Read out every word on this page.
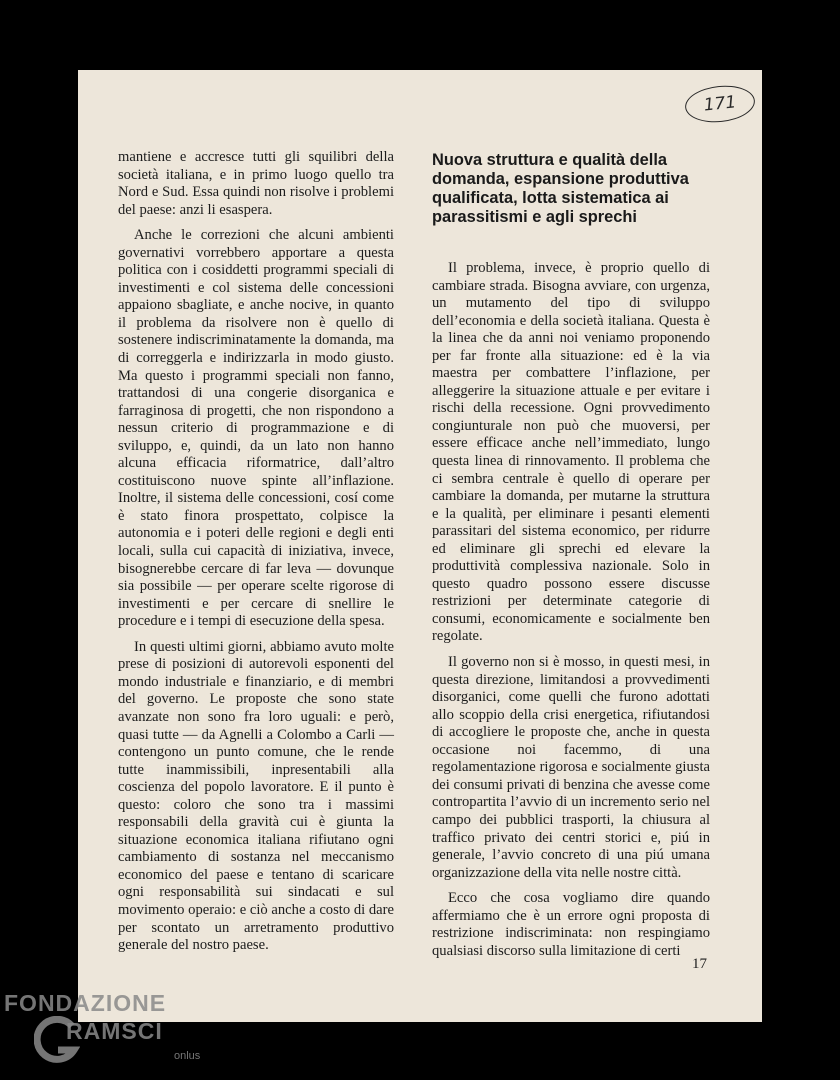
171

mantiene e accresce tutti gli squilibri della società italiana, e in primo luogo quello tra Nord e Sud. Essa quindi non risolve i problemi del paese: anzi li esaspera.

Anche le correzioni che alcuni ambienti governativi vorrebbero apportare a questa politica con i cosiddetti programmi speciali di investimenti e col sistema delle concessioni appaiono sbagliate, e anche nocive, in quanto il problema da risolvere non è quello di sostenere indiscriminatamente la domanda, ma di correggerla e indirizzarla in modo giusto. Ma questo i programmi speciali non fanno, trattandosi di una congerie disorganica e farraginosa di progetti, che non rispondono a nessun criterio di programmazione e di sviluppo, e, quindi, da un lato non hanno alcuna efficacia riformatrice, dall’altro costituiscono nuove spinte all’inflazione. Inoltre, il sistema delle concessioni, cosí come è stato finora prospettato, colpisce la autonomia e i poteri delle regioni e degli enti locali, sulla cui capacità di iniziativa, invece, bisognerebbe cercare di far leva — dovunque sia possibile — per operare scelte rigorose di investimenti e per cercare di snellire le procedure e i tempi di esecuzione della spesa.

In questi ultimi giorni, abbiamo avuto molte prese di posizioni di autorevoli esponenti del mondo industriale e finanziario, e di membri del governo. Le proposte che sono state avanzate non sono fra loro uguali: e però, quasi tutte — da Agnelli a Colombo a Carli — contengono un punto comune, che le rende tutte inammissibili, inpresentabili alla coscienza del popolo lavoratore. E il punto è questo: coloro che sono tra i massimi responsabili della gravità cui è giunta la situazione economica italiana rifiutano ogni cambiamento di sostanza nel meccanismo economico del paese e tentano di scaricare ogni responsabilità sui sindacati e sul movimento operaio: e ciò anche a costo di dare per scontato un arretramento produttivo generale del nostro paese.

Nuova struttura e qualità della domanda, espansione produttiva qualificata, lotta sistematica ai parassitismi e agli sprechi

Il problema, invece, è proprio quello di cambiare strada. Bisogna avviare, con urgenza, un mutamento del tipo di sviluppo dell’economia e della società italiana. Questa è la linea che da anni noi veniamo proponendo per far fronte alla situazione: ed è la via maestra per combattere l’inflazione, per alleggerire la situazione attuale e per evitare i rischi della recessione. Ogni provvedimento congiunturale non può che muoversi, per essere efficace anche nell’immediato, lungo questa linea di rinnovamento. Il problema che ci sembra centrale è quello di operare per cambiare la domanda, per mutarne la struttura e la qualità, per eliminare i pesanti elementi parassitari del sistema economico, per ridurre ed eliminare gli sprechi ed elevare la produttività complessiva nazionale. Solo in questo quadro possono essere discusse restrizioni per determinate categorie di consumi, economicamente e socialmente ben regolate.

Il governo non si è mosso, in questi mesi, in questa direzione, limitandosi a provvedimenti disorganici, come quelli che furono adottati allo scoppio della crisi energetica, rifiutandosi di accogliere le proposte che, anche in questa occasione noi facemmo, di una regolamentazione rigorosa e socialmente giusta dei consumi privati di benzina che avesse come contropartita l’avvio di un incremento serio nel campo dei pubblici trasporti, la chiusura al traffico privato dei centri storici e, piú in generale, l’avvio concreto di una piú umana organizzazione della vita nelle nostre città.

Ecco che cosa vogliamo dire quando affermiamo che è un errore ogni proposta di restrizione indiscriminata: non respingiamo qualsiasi discorso sulla limitazione di certi

17
FONDAZIONE
RAMSCI
onlus
